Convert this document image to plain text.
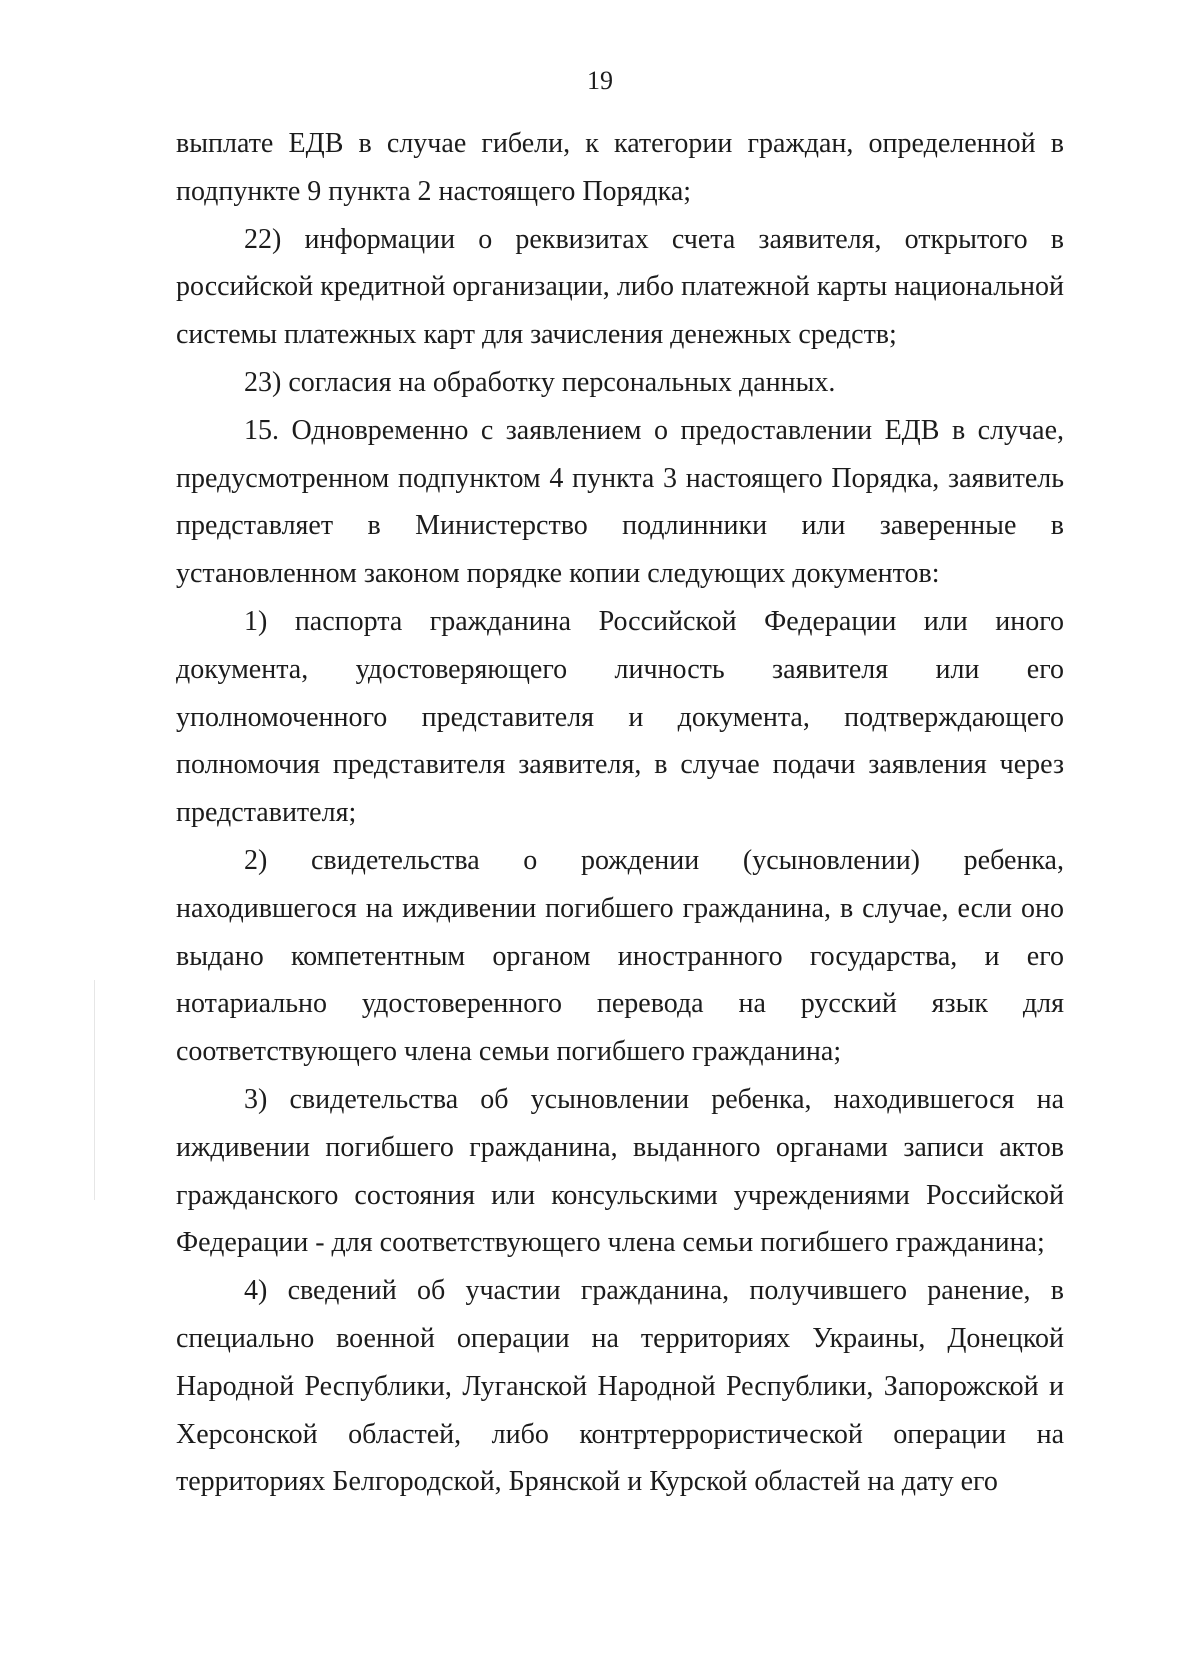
19

выплате ЕДВ в случае гибели, к категории граждан, определенной в подпункте 9 пункта 2 настоящего Порядка;

22) информации о реквизитах счета заявителя, открытого в российской кредитной организации, либо платежной карты национальной системы платежных карт для зачисления денежных средств;

23) согласия на обработку персональных данных.

15. Одновременно с заявлением о предоставлении ЕДВ в случае, предусмотренном подпунктом 4 пункта 3 настоящего Порядка, заявитель представляет в Министерство подлинники или заверенные в установленном законом порядке копии следующих документов:

1) паспорта гражданина Российской Федерации или иного документа, удостоверяющего личность заявителя или его уполномоченного представителя и документа, подтверждающего полномочия представителя заявителя, в случае подачи заявления через представителя;

2) свидетельства о рождении (усыновлении) ребенка, находившегося на иждивении погибшего гражданина, в случае, если оно выдано компетентным органом иностранного государства, и его нотариально удостоверенного перевода на русский язык для соответствующего члена семьи погибшего гражданина;

3) свидетельства об усыновлении ребенка, находившегося на иждивении погибшего гражданина, выданного органами записи актов гражданского состояния или консульскими учреждениями Российской Федерации - для соответствующего члена семьи погибшего гражданина;

4) сведений об участии гражданина, получившего ранение, в специально военной операции на территориях Украины, Донецкой Народной Республики, Луганской Народной Республики, Запорожской и Херсонской областей, либо контртеррористической операции на территориях Белгородской, Брянской и Курской областей на дату его
